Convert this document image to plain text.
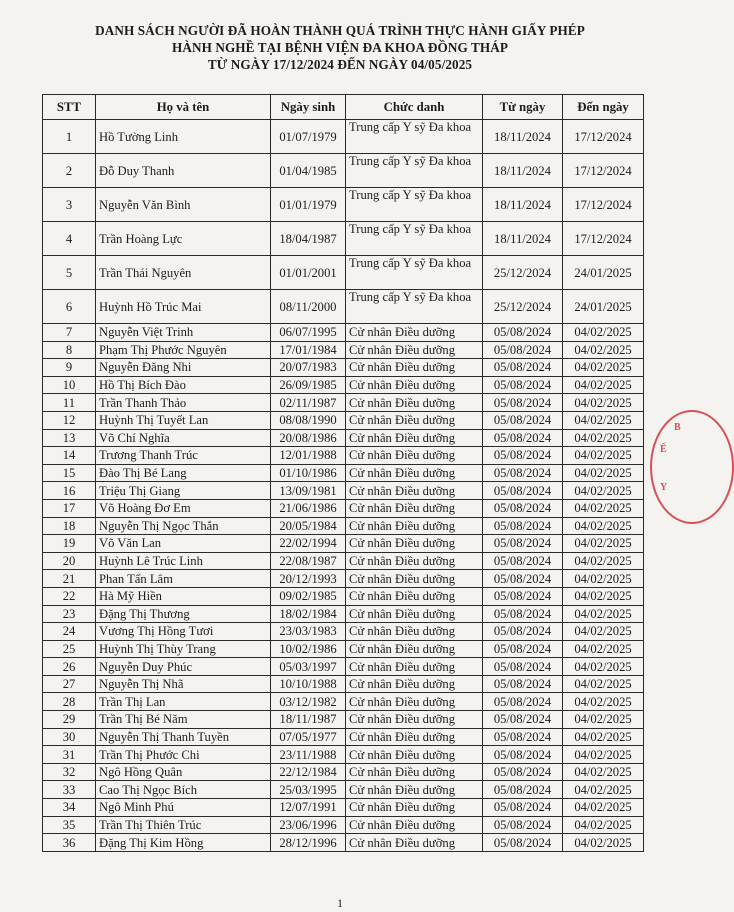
DANH SÁCH NGƯỜI ĐÃ HOÀN THÀNH QUÁ TRÌNH THỰC HÀNH GIẤY PHÉP
HÀNH NGHỀ TẠI BỆNH VIỆN ĐA KHOA ĐỒNG THÁP
TỪ NGÀY 17/12/2024 ĐẾN NGÀY 04/05/2025
STT	Họ và tên	Ngày sinh	Chức danh	Từ ngày	Đến ngày
1	Hồ Tường Linh	01/07/1979	Trung cấp Y sỹ Đa khoa	18/11/2024	17/12/2024
2	Đỗ Duy Thanh	01/04/1985	Trung cấp Y sỹ Đa khoa	18/11/2024	17/12/2024
3	Nguyễn Văn Bình	01/01/1979	Trung cấp Y sỹ Đa khoa	18/11/2024	17/12/2024
4	Trần Hoàng Lực	18/04/1987	Trung cấp Y sỹ Đa khoa	18/11/2024	17/12/2024
5	Trần Thái Nguyên	01/01/2001	Trung cấp Y sỹ Đa khoa	25/12/2024	24/01/2025
6	Huỳnh Hồ Trúc Mai	08/11/2000	Trung cấp Y sỹ Đa khoa	25/12/2024	24/01/2025
7	Nguyễn Việt Trinh	06/07/1995	Cử nhân Điều dưỡng	05/08/2024	04/02/2025
8	Phạm Thị Phước Nguyên	17/01/1984	Cử nhân Điều dưỡng	05/08/2024	04/02/2025
9	Nguyễn Đăng Nhi	20/07/1983	Cử nhân Điều dưỡng	05/08/2024	04/02/2025
10	Hồ Thị Bích Đào	26/09/1985	Cử nhân Điều dưỡng	05/08/2024	04/02/2025
11	Trần Thanh Thảo	02/11/1987	Cử nhân Điều dưỡng	05/08/2024	04/02/2025
12	Huỳnh Thị Tuyết Lan	08/08/1990	Cử nhân Điều dưỡng	05/08/2024	04/02/2025
13	Võ Chí Nghĩa	20/08/1986	Cử nhân Điều dưỡng	05/08/2024	04/02/2025
14	Trương Thanh Trúc	12/01/1988	Cử nhân Điều dưỡng	05/08/2024	04/02/2025
15	Đào Thị Bé Lang	01/10/1986	Cử nhân Điều dưỡng	05/08/2024	04/02/2025
16	Triệu Thị Giang	13/09/1981	Cử nhân Điều dưỡng	05/08/2024	04/02/2025
17	Võ Hoàng Đơ Em	21/06/1986	Cử nhân Điều dưỡng	05/08/2024	04/02/2025
18	Nguyễn Thị Ngọc Thắn	20/05/1984	Cử nhân Điều dưỡng	05/08/2024	04/02/2025
19	Võ Văn Lan	22/02/1994	Cử nhân Điều dưỡng	05/08/2024	04/02/2025
20	Huỳnh Lê Trúc Linh	22/08/1987	Cử nhân Điều dưỡng	05/08/2024	04/02/2025
21	Phan Tấn Lâm	20/12/1993	Cử nhân Điều dưỡng	05/08/2024	04/02/2025
22	Hà Mỹ Hiền	09/02/1985	Cử nhân Điều dưỡng	05/08/2024	04/02/2025
23	Đặng Thị Thương	18/02/1984	Cử nhân Điều dưỡng	05/08/2024	04/02/2025
24	Vương Thị Hồng Tươi	23/03/1983	Cử nhân Điều dưỡng	05/08/2024	04/02/2025
25	Huỳnh Thị Thùy Trang	10/02/1986	Cử nhân Điều dưỡng	05/08/2024	04/02/2025
26	Nguyễn Duy Phúc	05/03/1997	Cử nhân Điều dưỡng	05/08/2024	04/02/2025
27	Nguyễn Thị Nhã	10/10/1988	Cử nhân Điều dưỡng	05/08/2024	04/02/2025
28	Trần Thị Lan	03/12/1982	Cử nhân Điều dưỡng	05/08/2024	04/02/2025
29	Trần Thị Bé Năm	18/11/1987	Cử nhân Điều dưỡng	05/08/2024	04/02/2025
30	Nguyễn Thị Thanh Tuyền	07/05/1977	Cử nhân Điều dưỡng	05/08/2024	04/02/2025
31	Trần Thị Phước Chi	23/11/1988	Cử nhân Điều dưỡng	05/08/2024	04/02/2025
32	Ngô Hồng Quân	22/12/1984	Cử nhân Điều dưỡng	05/08/2024	04/02/2025
33	Cao Thị Ngọc Bích	25/03/1995	Cử nhân Điều dưỡng	05/08/2024	04/02/2025
34	Ngô Minh Phú	12/07/1991	Cử nhân Điều dưỡng	05/08/2024	04/02/2025
35	Trần Thị Thiên Trúc	23/06/1996	Cử nhân Điều dưỡng	05/08/2024	04/02/2025
36	Đặng Thị Kim Hồng	28/12/1996	Cử nhân Điều dưỡng	05/08/2024	04/02/2025
B
Ế
Y
1
